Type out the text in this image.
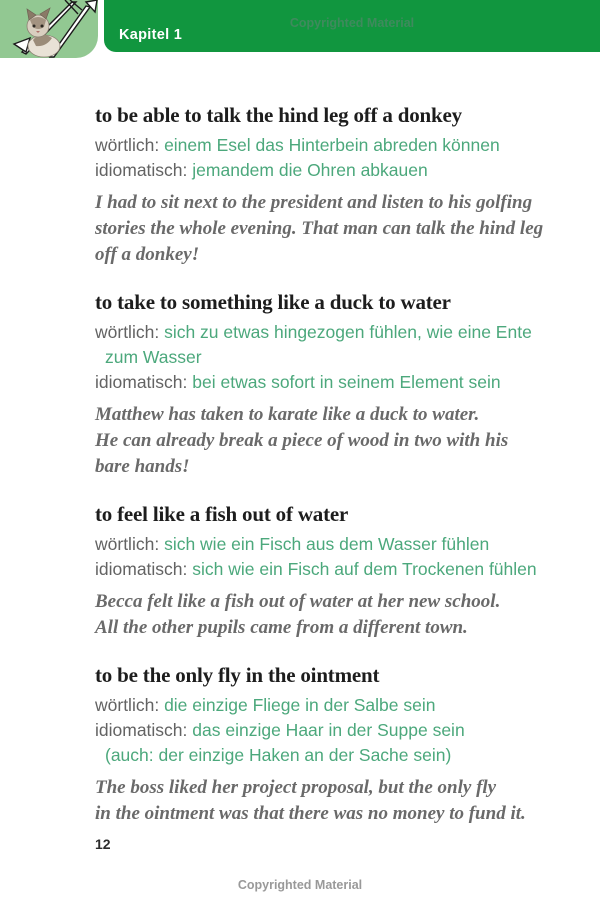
Kapitel 1
Copyrighted Material
to be able to talk the hind leg off a donkey
wörtlich: einem Esel das Hinterbein abreden können
idiomatisch: jemandem die Ohren abkauen
I had to sit next to the president and listen to his golfing
stories the whole evening. That man can talk the hind leg
off a donkey!
to take to something like a duck to water
wörtlich: sich zu etwas hingezogen fühlen, wie eine Ente
zum Wasser
idiomatisch: bei etwas sofort in seinem Element sein
Matthew has taken to karate like a duck to water.
He can already break a piece of wood in two with his
bare hands!
to feel like a fish out of water
wörtlich: sich wie ein Fisch aus dem Wasser fühlen
idiomatisch: sich wie ein Fisch auf dem Trockenen fühlen
Becca felt like a fish out of water at her new school.
All the other pupils came from a different town.
to be the only fly in the ointment
wörtlich: die einzige Fliege in der Salbe sein
idiomatisch: das einzige Haar in der Suppe sein
(auch: der einzige Haken an der Sache sein)
The boss liked her project proposal, but the only fly
in the ointment was that there was no money to fund it.
12
Copyrighted Material
